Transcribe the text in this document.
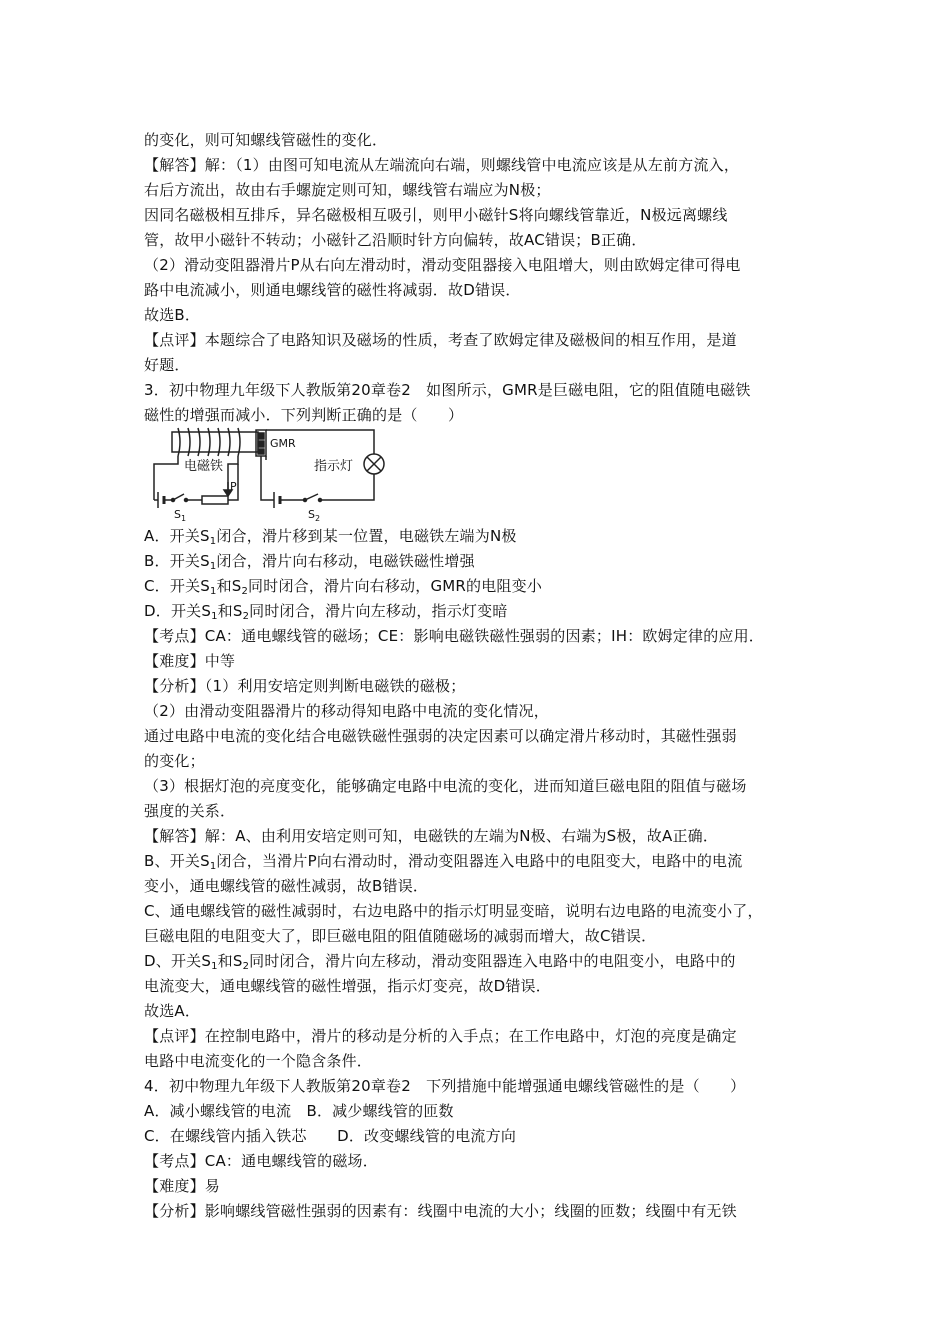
的变化，则可知螺线管磁性的变化．
【解答】解：（1）由图可知电流从左端流向右端，则螺线管中电流应该是从左前方流入，
右后方流出，故由右手螺旋定则可知，螺线管右端应为N极；
因同名磁极相互排斥，异名磁极相互吸引，则甲小磁针S将向螺线管靠近，N极远离螺线
管，故甲小磁针不转动；小磁针乙沿顺时针方向偏转，故AC错误；B正确．
（2）滑动变阻器滑片P从右向左滑动时，滑动变阻器接入电阻增大，则由欧姆定律可得电
路中电流减小，则通电螺线管的磁性将减弱．故D错误．
故选B．
【点评】本题综合了电路知识及磁场的性质，考查了欧姆定律及磁极间的相互作用，是道
好题．
3．初中物理九年级下人教版第20章卷2　如图所示，GMR是巨磁电阻，它的阻值随电磁铁
磁性的增强而减小．下列判断正确的是（　　）
电磁铁
GMR
指示灯
P
S 1	S 2
A．开关$S_1$闭合，滑片移到某一位置，电磁铁左端为N极
B．开关$S_1$闭合，滑片向右移动，电磁铁磁性增强
C．开关$S_1$和$S_2$同时闭合，滑片向右移动，GMR的电阻变小
D．开关$S_1$和$S_2$同时闭合，滑片向左移动，指示灯变暗
【考点】CA：通电螺线管的磁场；CE：影响电磁铁磁性强弱的因素；IH：欧姆定律的应用．
【难度】中等
【分析】（1）利用安培定则判断电磁铁的磁极；
（2）由滑动变阻器滑片的移动得知电路中电流的变化情况，
通过电路中电流的变化结合电磁铁磁性强弱的决定因素可以确定滑片移动时，其磁性强弱
的变化；
（3）根据灯泡的亮度变化，能够确定电路中电流的变化，进而知道巨磁电阻的阻值与磁场
强度的关系．
【解答】解：A、由利用安培定则可知，电磁铁的左端为N极、右端为S极，故A正确．
B、开关$S_1$闭合，当滑片P向右滑动时，滑动变阻器连入电路中的电阻变大，电路中的电流
变小，通电螺线管的磁性减弱，故B错误．
C、通电螺线管的磁性减弱时，右边电路中的指示灯明显变暗，说明右边电路的电流变小了，
巨磁电阻的电阻变大了，即巨磁电阻的阻值随磁场的减弱而增大，故C错误．
D、开关$S_1$和$S_2$同时闭合，滑片向左移动，滑动变阻器连入电路中的电阻变小，电路中的
电流变大，通电螺线管的磁性增强，指示灯变亮，故D错误．
故选A．
【点评】在控制电路中，滑片的移动是分析的入手点；在工作电路中，灯泡的亮度是确定
电路中电流变化的一个隐含条件．
4．初中物理九年级下人教版第20章卷2　下列措施中能增强通电螺线管磁性的是（　　）
A．减小螺线管的电流　B．减少螺线管的匝数
C．在螺线管内插入铁芯　　D．改变螺线管的电流方向
【考点】CA：通电螺线管的磁场．
【难度】易
【分析】影响螺线管磁性强弱的因素有：线圈中电流的大小；线圈的匝数；线圈中有无铁
